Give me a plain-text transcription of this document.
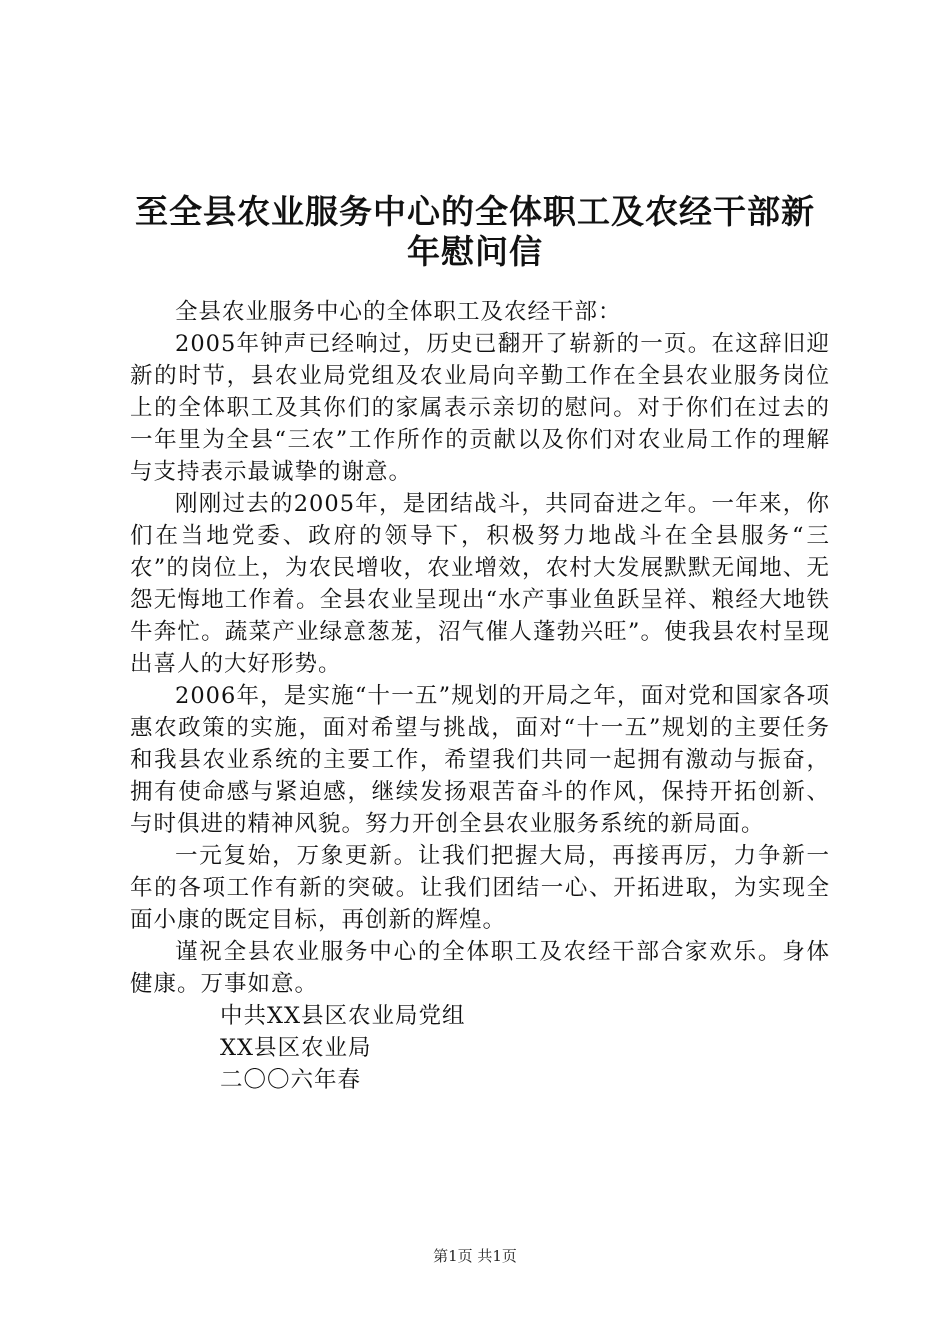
至全县农业服务中心的全体职工及农经干部新
年慰问信

全县农业服务中心的全体职工及农经干部：

2005年钟声已经响过，历史已翻开了崭新的一页。在这辞旧迎新的时节，县农业局党组及农业局向辛勤工作在全县农业服务岗位上的全体职工及其你们的家属表示亲切的慰问。对于你们在过去的一年里为全县“三农”工作所作的贡献以及你们对农业局工作的理解与支持表示最诚挚的谢意。

刚刚过去的2005年，是团结战斗，共同奋进之年。一年来，你们在当地党委、政府的领导下，积极努力地战斗在全县服务“三农”的岗位上，为农民增收，农业增效，农村大发展默默无闻地、无怨无悔地工作着。全县农业呈现出“水产事业鱼跃呈祥、粮经大地铁牛奔忙。蔬菜产业绿意葱茏，沼气催人蓬勃兴旺”。使我县农村呈现出喜人的大好形势。

2006年，是实施“十一五”规划的开局之年，面对党和国家各项惠农政策的实施，面对希望与挑战，面对“十一五”规划的主要任务和我县农业系统的主要工作，希望我们共同一起拥有激动与振奋，拥有使命感与紧迫感，继续发扬艰苦奋斗的作风，保持开拓创新、与时俱进的精神风貌。努力开创全县农业服务系统的新局面。

一元复始，万象更新。让我们把握大局，再接再厉，力争新一年的各项工作有新的突破。让我们团结一心、开拓进取，为实现全面小康的既定目标，再创新的辉煌。

谨祝全县农业服务中心的全体职工及农经干部合家欢乐。身体健康。万事如意。

中共XX县区农业局党组

XX县区农业局

二〇〇六年春

第1页 共1页
